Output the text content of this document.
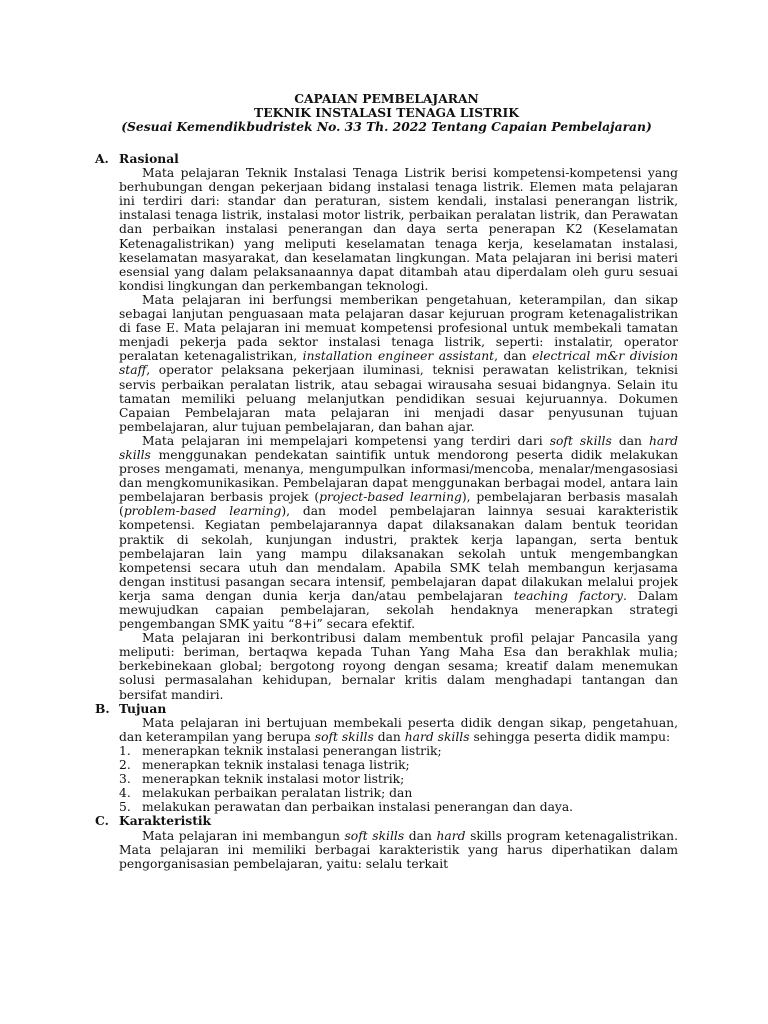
CAPAIAN PEMBELAJARAN
TEKNIK INSTALASI TENAGA LISTRIK
(Sesuai Kemendikbudristek No. 33 Th. 2022 Tentang Capaian Pembelajaran)
A. Rasional

Mata pelajaran Teknik Instalasi Tenaga Listrik berisi kompetensi-kompetensi yang berhubungan dengan pekerjaan bidang instalasi tenaga listrik. Elemen mata pelajaran ini terdiri dari: standar dan peraturan, sistem kendali, instalasi penerangan listrik, instalasi tenaga listrik, instalasi motor listrik, perbaikan peralatan listrik, dan Perawatan dan perbaikan instalasi penerangan dan daya serta penerapan K2 (Keselamatan Ketenagalistrikan) yang meliputi keselamatan tenaga kerja, keselamatan instalasi, keselamatan masyarakat, dan keselamatan lingkungan. Mata pelajaran ini berisi materi esensial yang dalam pelaksanaannya dapat ditambah atau diperdalam oleh guru sesuai kondisi lingkungan dan perkembangan teknologi.

Mata pelajaran ini berfungsi memberikan pengetahuan, keterampilan, dan sikap sebagai lanjutan penguasaan mata pelajaran dasar kejuruan program ketenagalistrikan di fase E. Mata pelajaran ini memuat kompetensi profesional untuk membekali tamatan menjadi pekerja pada sektor instalasi tenaga listrik, seperti: instalatir, operator peralatan ketenagalistrikan, installation engineer assistant, dan electrical m&r division staff, operator pelaksana pekerjaan iluminasi, teknisi perawatan kelistrikan, teknisi servis perbaikan peralatan listrik, atau sebagai wirausaha sesuai bidangnya. Selain itu tamatan memiliki peluang melanjutkan pendidikan sesuai kejuruannya. Dokumen Capaian Pembelajaran mata pelajaran ini menjadi dasar penyusunan tujuan pembelajaran, alur tujuan pembelajaran, dan bahan ajar.

Mata pelajaran ini mempelajari kompetensi yang terdiri dari soft skills dan hard skills menggunakan pendekatan saintifik untuk mendorong peserta didik melakukan proses mengamati, menanya, mengumpulkan informasi/mencoba, menalar/mengasosiasi dan mengkomunikasikan. Pembelajaran dapat menggunakan berbagai model, antara lain pembelajaran berbasis projek (project-based learning), pembelajaran berbasis masalah (problem-based learning), dan model pembelajaran lainnya sesuai karakteristik kompetensi. Kegiatan pembelajarannya dapat dilaksanakan dalam bentuk teoridan praktik di sekolah, kunjungan industri, praktek kerja lapangan, serta bentuk pembelajaran lain yang mampu dilaksanakan sekolah untuk mengembangkan kompetensi secara utuh dan mendalam. Apabila SMK telah membangun kerjasama dengan institusi pasangan secara intensif, pembelajaran dapat dilakukan melalui projek kerja sama dengan dunia kerja dan/atau pembelajaran teaching factory. Dalam mewujudkan capaian pembelajaran, sekolah hendaknya menerapkan strategi pengembangan SMK yaitu “8+i” secara efektif.

Mata pelajaran ini berkontribusi dalam membentuk profil pelajar Pancasila yang meliputi: beriman, bertaqwa kepada Tuhan Yang Maha Esa dan berakhlak mulia; berkebinekaan global; bergotong royong dengan sesama; kreatif dalam menemukan solusi permasalahan kehidupan, bernalar kritis dalam menghadapi tantangan dan bersifat mandiri.

B. Tujuan

Mata pelajaran ini bertujuan membekali peserta didik dengan sikap, pengetahuan, dan keterampilan yang berupa soft skills dan hard skills sehingga peserta didik mampu:

1. menerapkan teknik instalasi penerangan listrik;
2. menerapkan teknik instalasi tenaga listrik;
3. menerapkan teknik instalasi motor listrik;
4. melakukan perbaikan peralatan listrik; dan
5. melakukan perawatan dan perbaikan instalasi penerangan dan daya.
C. Karakteristik

Mata pelajaran ini membangun soft skills dan hard skills program ketenagalistrikan. Mata pelajaran ini memiliki berbagai karakteristik yang harus diperhatikan dalam pengorganisasian pembelajaran, yaitu: selalu terkait
